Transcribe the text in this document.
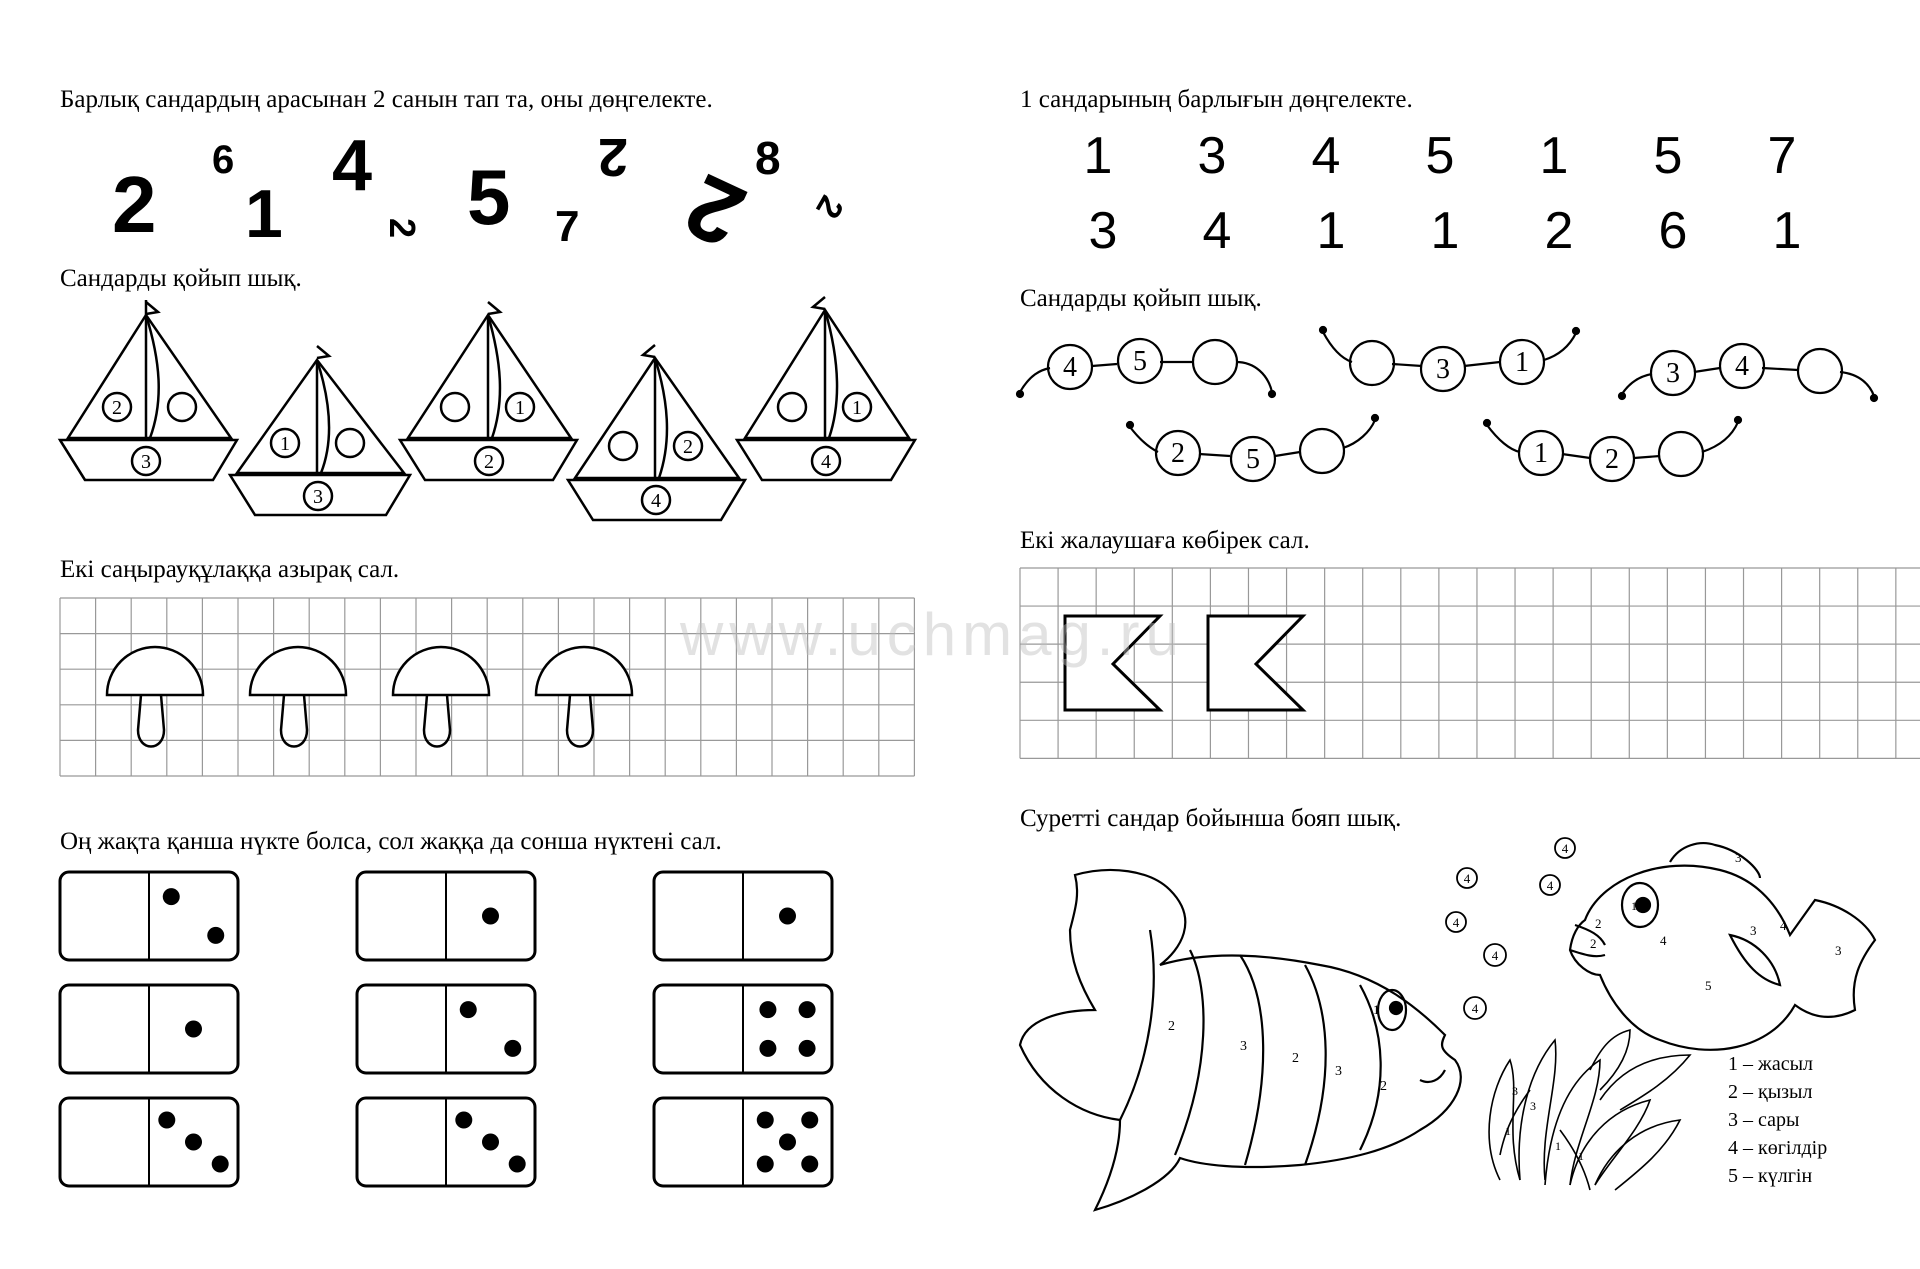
Барлық сандардың арасынан 2 санын тап та, оны дөңгелекте.	1 сандарының барлығын дөңгелекте.
Сандарды қойып шық.
Сандарды қойып шық.
Екі саңырауқұлаққа азырақ сал.
Екі жалаушаға көбірек сал.
Оң жақта қанша нүкте болса, сол жаққа да сонша нүктені сал.
Суретті сандар бойынша бояп шық.
2 6
1
4
2 5 7
2	8
2 2
1 3 4 5 1 5 7
3 4 1 1 2 6 1
2
3
1
3
1
2
2
4
1
4
4 5	3 1	3 4
2 5	1 2
2
3
2
3
2
1
3
2
2
1
4
5
3
3
4
4
4	4
4
4
4
3
1
3
1
1
www.uchmag.ru
1 – жасыл
2 – қызыл
3 – сары
4 – көгілдір
5 – күлгін
